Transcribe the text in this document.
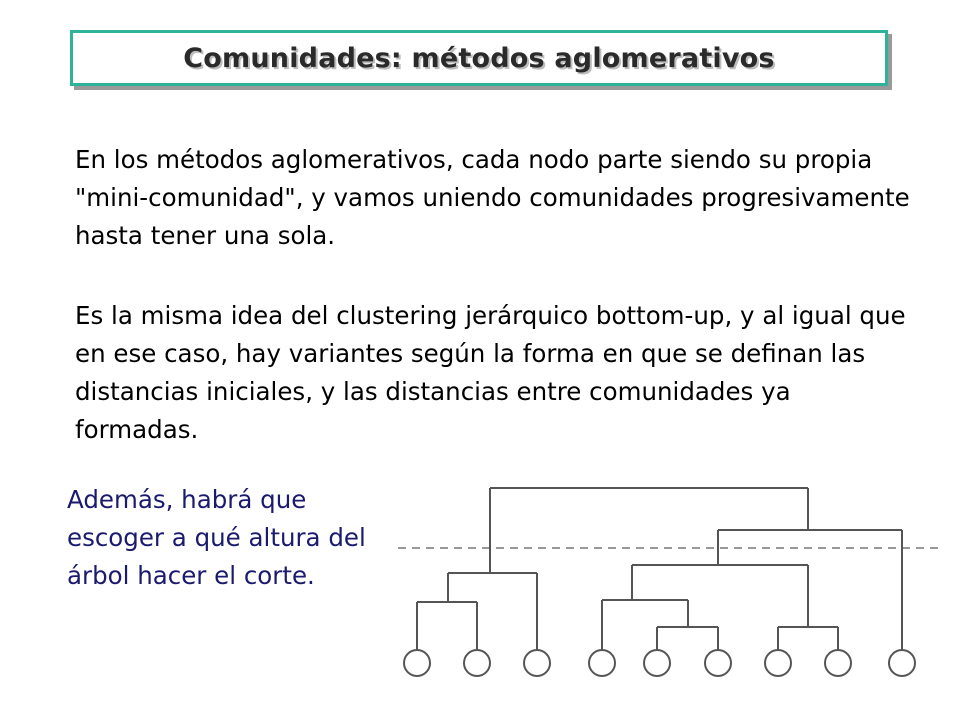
Comunidades: métodos aglomerativos
En los métodos aglomerativos, cada nodo parte siendo su propia "mini-comunidad", y vamos uniendo comunidades progresivamente hasta tener una sola.
Es la misma idea del clustering jerárquico bottom-up, y al igual que en ese caso, hay variantes según la forma en que se definan las distancias iniciales, y las distancias entre comunidades ya formadas.
Además, habrá que escoger a qué altura del árbol hacer el corte.
